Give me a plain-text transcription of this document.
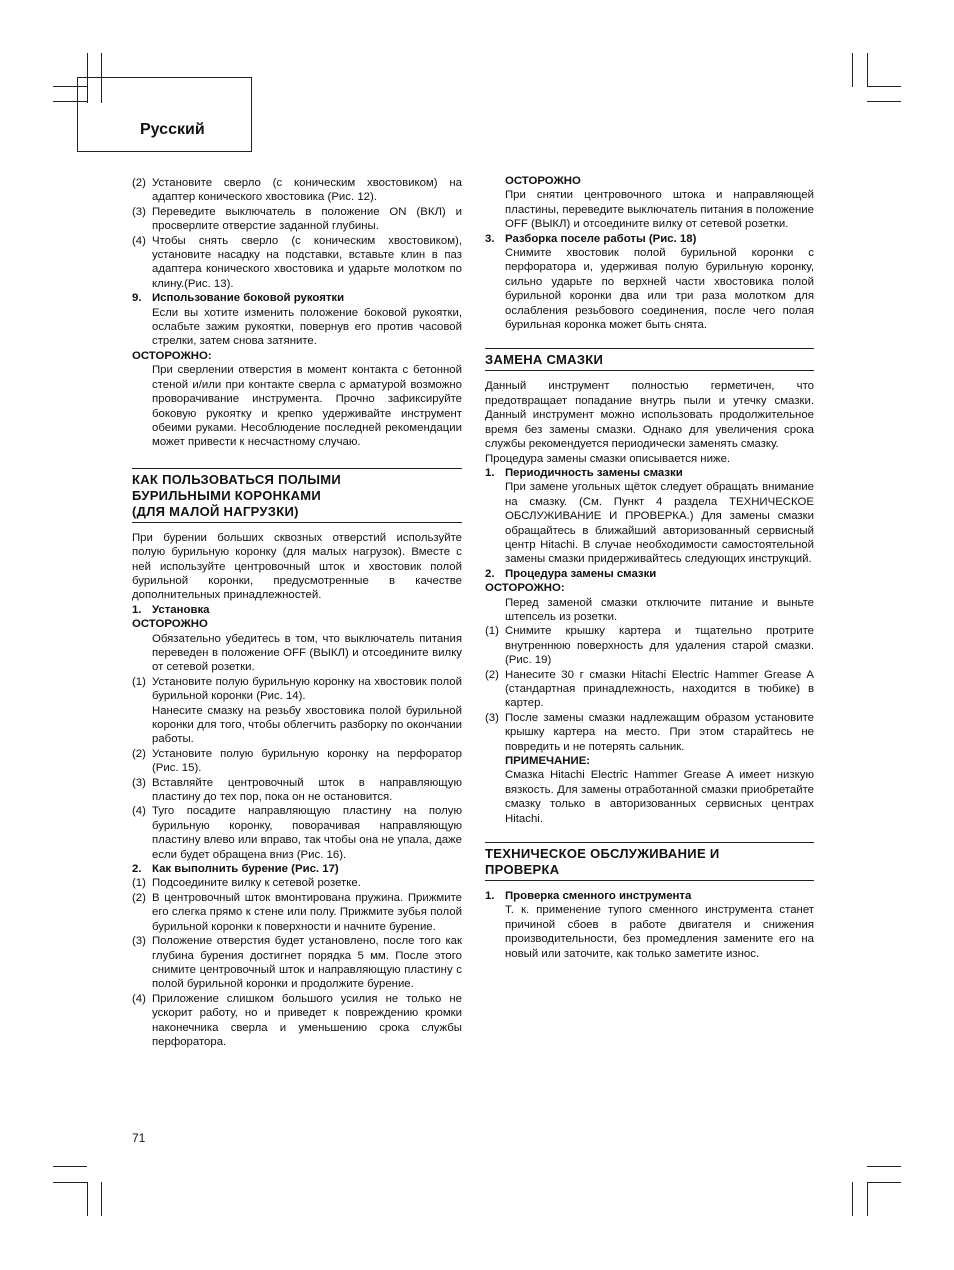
Русский
(2) Установите сверло (с коническим хвостовиком) на адаптер конического хвостовика (Рис. 12).
(3) Переведите выключатель в положение ON (ВКЛ) и просверлите отверстие заданной глубины.
(4) Чтобы снять сверло (с коническим хвостовиком), установите насадку на подставки, вставьте клин в паз адаптера конического хвостовика и ударьте молотком по клину.(Рис. 13).
9. Использование боковой рукоятки
Если вы хотите изменить положение боковой рукоятки, ослабьте зажим рукоятки, повернув его против часовой стрелки, затем снова затяните.
ОСТОРОЖНО:
При сверлении отверстия в момент контакта с бетонной стеной и/или при контакте сверла с арматурой возможно проворачивание инструмента. Прочно зафиксируйте боковую рукоятку и крепко удерживайте инструмент обеими руками. Несоблюдение последней рекомендации может привести к несчастному случаю.
КАК ПОЛЬЗОВАТЬСЯ ПОЛЫМИ
БУРИЛЬНЫМИ КОРОНКАМИ
(ДЛЯ МАЛОЙ НАГРУЗКИ)
При бурении больших сквозных отверстий используйте полую бурильную коронку (для малых нагрузок). Вместе с ней используйте центровочный шток и хвостовик полой бурильной коронки, предусмотренные в качестве дополнительных принадлежностей.
1. Установка
ОСТОРОЖНО
Обязательно убедитесь в том, что выключатель питания переведен в положение OFF (ВЫКЛ) и отсоедините вилку от сетевой розетки.
(1) Установите полую бурильную коронку на хвостовик полой бурильной коронки (Рис. 14).
Нанесите смазку на резьбу хвостовика полой бурильной коронки для того, чтобы облегчить разборку по окончании работы.
(2) Установите полую бурильную коронку на перфоратор (Рис. 15).
(3) Вставляйте центровочный шток в направляющую пластину до тех пор, пока он не остановится.
(4) Туго посадите направляющую пластину на полую бурильную коронку, поворачивая направляющую пластину влево или вправо, так чтобы она не упала, даже если будет обращена вниз (Рис. 16).
2. Как выполнить бурение (Рис. 17)
(1) Подсоедините вилку к сетевой розетке.
(2) В центровочный шток вмонтирована пружина. Прижмите его слегка прямо к стене или полу. Прижмите зубья полой бурильной коронки к поверхности и начните бурение.
(3) Положение отверстия будет установлено, после того как глубина бурения достигнет порядка 5 мм. После этого снимите центровочный шток и направляющую пластину с полой бурильной коронки и продолжите бурение.
(4) Приложение слишком большого усилия не только не ускорит работу, но и приведет к повреждению кромки наконечника сверла и уменьшению срока службы перфоратора.
ОСТОРОЖНО
При снятии центровочного штока и направляющей пластины, переведите выключатель питания в положение OFF (ВЫКЛ) и отсоедините вилку от сетевой розетки.
3. Разборка поселе работы (Рис. 18)
Снимите хвостовик полой бурильной коронки с перфоратора и, удерживая полую бурильную коронку, сильно ударьте по верхней части хвостовика полой бурильной коронки два или три раза молотком для ослабления резьбового соединения, после чего полая бурильная коронка может быть снята.
ЗАМЕНА СМАЗКИ
Данный инструмент полностью герметичен, что предотвращает попадание внутрь пыли и утечку смазки. Данный инструмент можно использовать продолжительное время без замены смазки. Однако для увеличения срока службы рекомендуется периодически заменять смазку.
Процедура замены смазки описывается ниже.
1. Периодичность замены смазки
При замене угольных щёток следует обращать внимание на смазку. (См. Пункт 4 раздела ТЕХНИЧЕСКОЕ ОБСЛУЖИВАНИЕ И ПРОВЕРКА.) Для замены смазки обращайтесь в ближайший авторизованный сервисный центр Hitachi. В случае необходимости самостоятельной замены смазки придерживайтесь следующих инструкций.
2. Процедура замены смазки
ОСТОРОЖНО:
Перед заменой смазки отключите питание и выньте штепсель из розетки.
(1) Снимите крышку картера и тщательно протрите внутреннюю поверхность для удаления старой смазки. (Рис. 19)
(2) Нанесите 30 г смазки Hitachi Electric Hammer Grease A (стандартная принадлежность, находится в тюбике) в картер.
(3) После замены смазки надлежащим образом установите крышку картера на место. При этом старайтесь не повредить и не потерять сальник.
ПРИМЕЧАНИЕ:
Смазка Hitachi Electric Hammer Grease A имеет низкую вязкость. Для замены отработанной смазки приобретайте смазку только в авторизованных сервисных центрах Hitachi.
ТЕХНИЧЕСКОЕ ОБСЛУЖИВАНИЕ И
ПРОВЕРКА
1. Проверка сменного инструмента
Т. к. применение тупого сменного инструмента станет причиной сбоев в работе двигателя и снижения производительности, без промедления замените его на новый или заточите, как только заметите износ.
71
